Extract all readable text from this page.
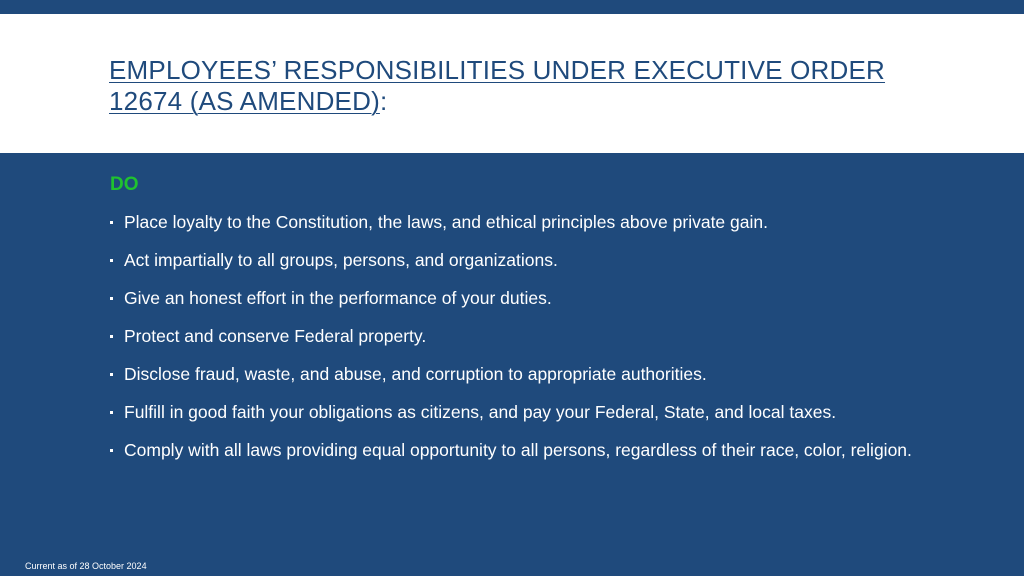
EMPLOYEES’ RESPONSIBILITIES UNDER EXECUTIVE ORDER
12674 (AS AMENDED):
DO
Place loyalty to the Constitution, the laws, and ethical principles above private gain.
Act impartially to all groups, persons, and organizations.
Give an honest effort in the performance of your duties.
Protect and conserve Federal property.
Disclose fraud, waste, and abuse, and corruption to appropriate authorities.
Fulfill in good faith your obligations as citizens, and pay your Federal, State, and local taxes.
Comply with all laws providing equal opportunity to all persons, regardless of their race, color, religion.
Current as of 28 October 2024
